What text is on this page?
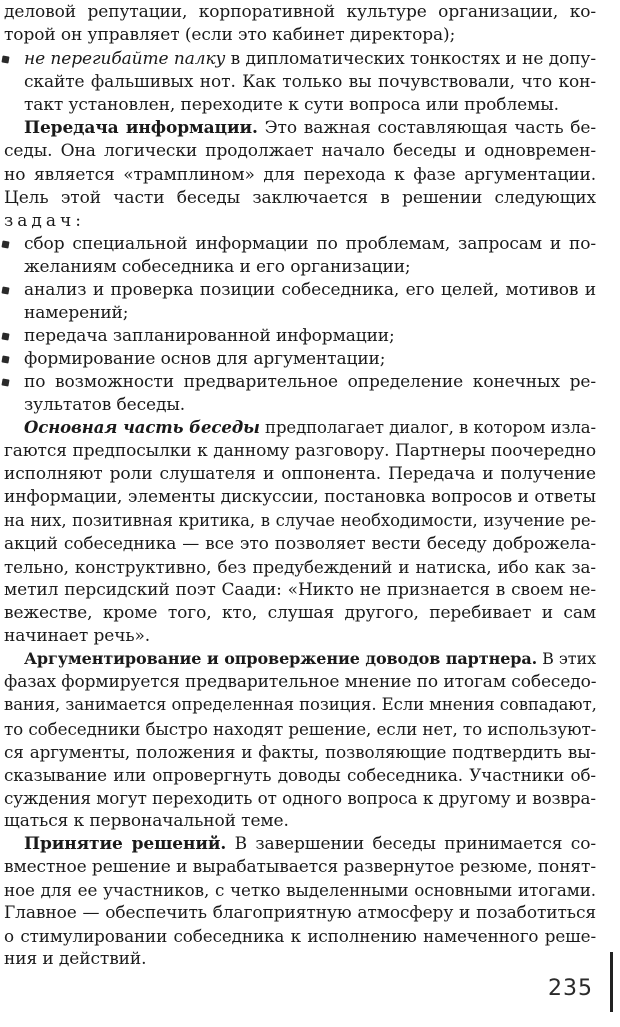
деловой репутации, корпоративной культуре организации, ко-
торой он управляет (если это кабинет директора);
не перегибайте палку в дипломатических тонкостях и не допу-
скайте фальшивых нот. Как только вы почувствовали, что кон-
такт установлен, переходите к сути вопроса или проблемы.
Передача информации. Это важная составляющая часть бе-
седы. Она логически продолжает начало беседы и одновремен-
но является «трамплином» для перехода к фазе аргументации.
Цель этой части беседы заключается в решении следующих
задач:
сбор специальной информации по проблемам, запросам и по-
желаниям собеседника и его организации;
анализ и проверка позиции собеседника, его целей, мотивов и
намерений;
передача запланированной информации;
формирование основ для аргументации;
по возможности предварительное определение конечных ре-
зультатов беседы.
Основная часть беседы предполагает диалог, в котором изла-
гаются предпосылки к данному разговору. Партнеры поочередно
исполняют роли слушателя и оппонента. Передача и получение
информации, элементы дискуссии, постановка вопросов и ответы
на них, позитивная критика, в случае необходимости, изучение ре-
акций собеседника — все это позволяет вести беседу доброжела-
тельно, конструктивно, без предубеждений и натиска, ибо как за-
метил персидский поэт Саади: «Никто не признается в своем не-
вежестве, кроме того, кто, слушая другого, перебивает и сам
начинает речь».
Аргументирование и опровержение доводов партнера. В этих
фазах формируется предварительное мнение по итогам собеседо-
вания, занимается определенная позиция. Если мнения совпадают,
то собеседники быстро находят решение, если нет, то используют-
ся аргументы, положения и факты, позволяющие подтвердить вы-
сказывание или опровергнуть доводы собеседника. Участники об-
суждения могут переходить от одного вопроса к другому и возвра-
щаться к первоначальной теме.
Принятие решений. В завершении беседы принимается со-
вместное решение и вырабатывается развернутое резюме, понят-
ное для ее участников, с четко выделенными основными итогами.
Главное — обеспечить благоприятную атмосферу и позаботиться
о стимулировании собеседника к исполнению намеченного реше-
ния и действий.
235
